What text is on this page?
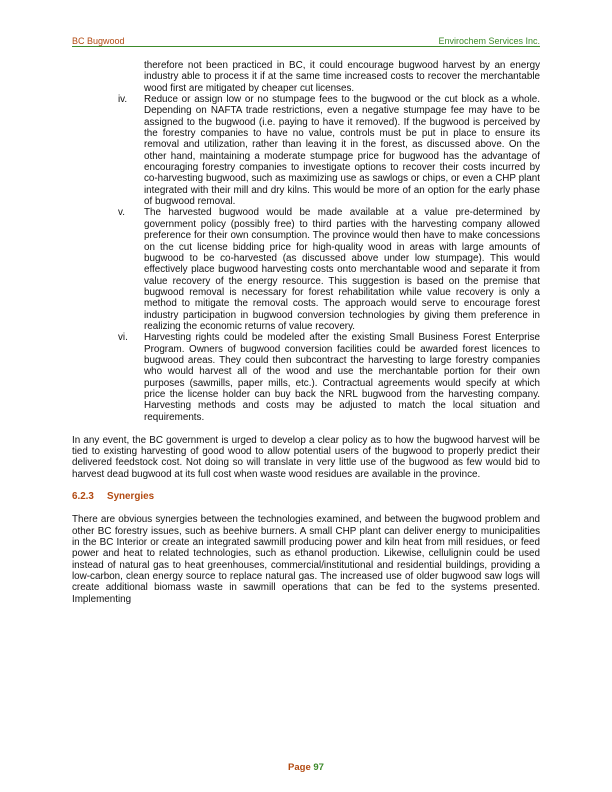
BC Bugwood	Envirochem Services Inc.

therefore not been practiced in BC, it could encourage bugwood harvest by an energy industry able to process it if at the same time increased costs to recover the merchantable wood first are mitigated by cheaper cut licenses.

iv.	Reduce or assign low or no stumpage fees to the bugwood or the cut block as a whole. Depending on NAFTA trade restrictions, even a negative stumpage fee may have to be assigned to the bugwood (i.e. paying to have it removed). If the bugwood is perceived by the forestry companies to have no value, controls must be put in place to ensure its removal and utilization, rather than leaving it in the forest, as discussed above. On the other hand, maintaining a moderate stumpage price for bugwood has the advantage of encouraging forestry companies to investigate options to recover their costs incurred by co-harvesting bugwood, such as maximizing use as sawlogs or chips, or even a CHP plant integrated with their mill and dry kilns. This would be more of an option for the early phase of bugwood removal.

v.	The harvested bugwood would be made available at a value pre-determined by government policy (possibly free) to third parties with the harvesting company allowed preference for their own consumption. The province would then have to make concessions on the cut license bidding price for high-quality wood in areas with large amounts of bugwood to be co-harvested (as discussed above under low stumpage). This would effectively place bugwood harvesting costs onto merchantable wood and separate it from value recovery of the energy resource. This suggestion is based on the premise that bugwood removal is necessary for forest rehabilitation while value recovery is only a method to mitigate the removal costs. The approach would serve to encourage forest industry participation in bugwood conversion technologies by giving them preference in realizing the economic returns of value recovery.

vi.	Harvesting rights could be modeled after the existing Small Business Forest Enterprise Program. Owners of bugwood conversion facilities could be awarded forest licences to bugwood areas. They could then subcontract the harvesting to large forestry companies who would harvest all of the wood and use the merchantable portion for their own purposes (sawmills, paper mills, etc.). Contractual agreements would specify at which price the license holder can buy back the NRL bugwood from the harvesting company. Harvesting methods and costs may be adjusted to match the local situation and requirements.

In any event, the BC government is urged to develop a clear policy as to how the bugwood harvest will be tied to existing harvesting of good wood to allow potential users of the bugwood to properly predict their delivered feedstock cost. Not doing so will translate in very little use of the bugwood as few would bid to harvest dead bugwood at its full cost when waste wood residues are available in the province.

6.2.3 Synergies

There are obvious synergies between the technologies examined, and between the bugwood problem and other BC forestry issues, such as beehive burners. A small CHP plant can deliver energy to municipalities in the BC Interior or create an integrated sawmill producing power and kiln heat from mill residues, or feed power and heat to related technologies, such as ethanol production. Likewise, cellulignin could be used instead of natural gas to heat greenhouses, commercial/institutional and residential buildings, providing a low-carbon, clean energy source to replace natural gas. The increased use of older bugwood saw logs will create additional biomass waste in sawmill operations that can be fed to the systems presented. Implementing

Page 97
